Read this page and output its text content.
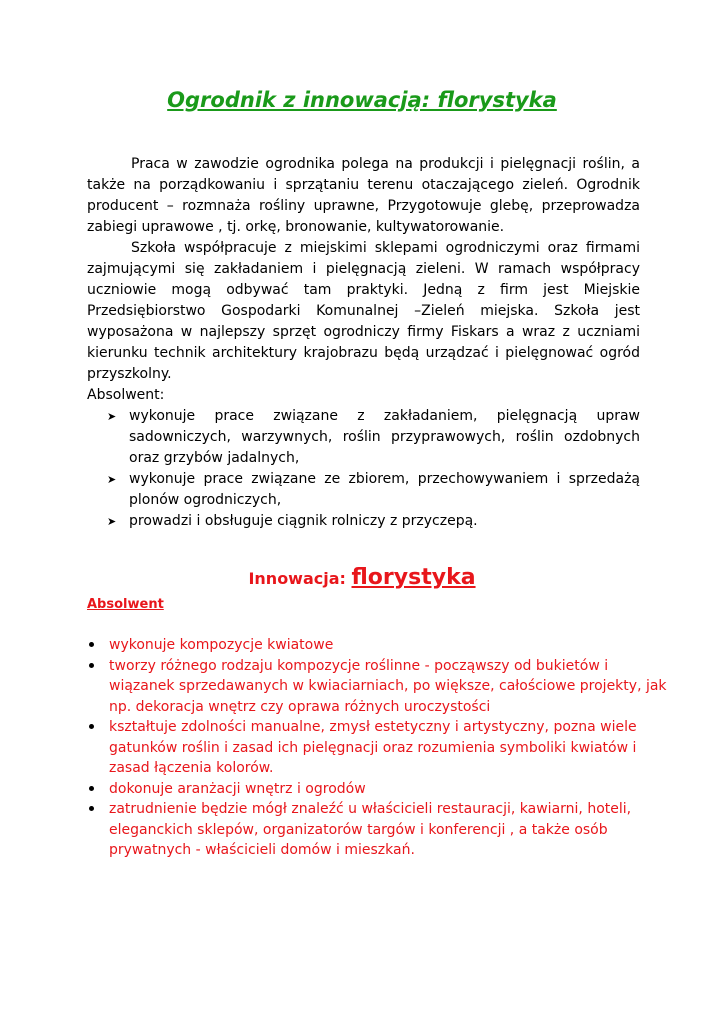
Ogrodnik z innowacją: florystyka

Praca w zawodzie ogrodnika polega na produkcji i pielęgnacji roślin, a także na porządkowaniu i sprzątaniu terenu otaczającego zieleń. Ogrodnik producent – rozmnaża rośliny uprawne, Przygotowuje glebę, przeprowadza zabiegi uprawowe , tj. orkę, bronowanie, kultywatorowanie.

Szkoła współpracuje z miejskimi sklepami ogrodniczymi oraz firmami zajmującymi się zakładaniem i pielęgnacją zieleni. W ramach współpracy uczniowie mogą odbywać tam praktyki. Jedną z firm jest Miejskie Przedsiębiorstwo Gospodarki Komunalnej –Zieleń miejska. Szkoła jest wyposażona w najlepszy sprzęt ogrodniczy firmy Fiskars a wraz z uczniami kierunku technik architektury krajobrazu będą urządzać i pielęgnować ogród przyszkolny.

Absolwent:
➤ wykonuje prace związane z zakładaniem, pielęgnacją upraw sadowniczych, warzywnych, roślin przyprawowych, roślin ozdobnych oraz grzybów jadalnych,
➤ wykonuje prace związane ze zbiorem, przechowywaniem i sprzedażą plonów ogrodniczych,
➤ prowadzi i obsługuje ciągnik rolniczy z przyczepą.
Innowacja: florystyka
Absolwent
wykonuje kompozycje kwiatowe
tworzy różnego rodzaju kompozycje roślinne - począwszy od bukietów i wiązanek sprzedawanych w kwiaciarniach, po większe, całościowe projekty, jak np. dekoracja wnętrz czy oprawa różnych uroczystości
kształtuje zdolności manualne, zmysł estetyczny i artystyczny, pozna wiele gatunków roślin i zasad ich pielęgnacji oraz rozumienia symboliki kwiatów i zasad łączenia kolorów.
dokonuje aranżacji wnętrz i ogrodów
zatrudnienie będzie mógł znaleźć u właścicieli restauracji, kawiarni, hoteli, eleganckich sklepów, organizatorów targów i konferencji , a także osób prywatnych - właścicieli domów i mieszkań.
